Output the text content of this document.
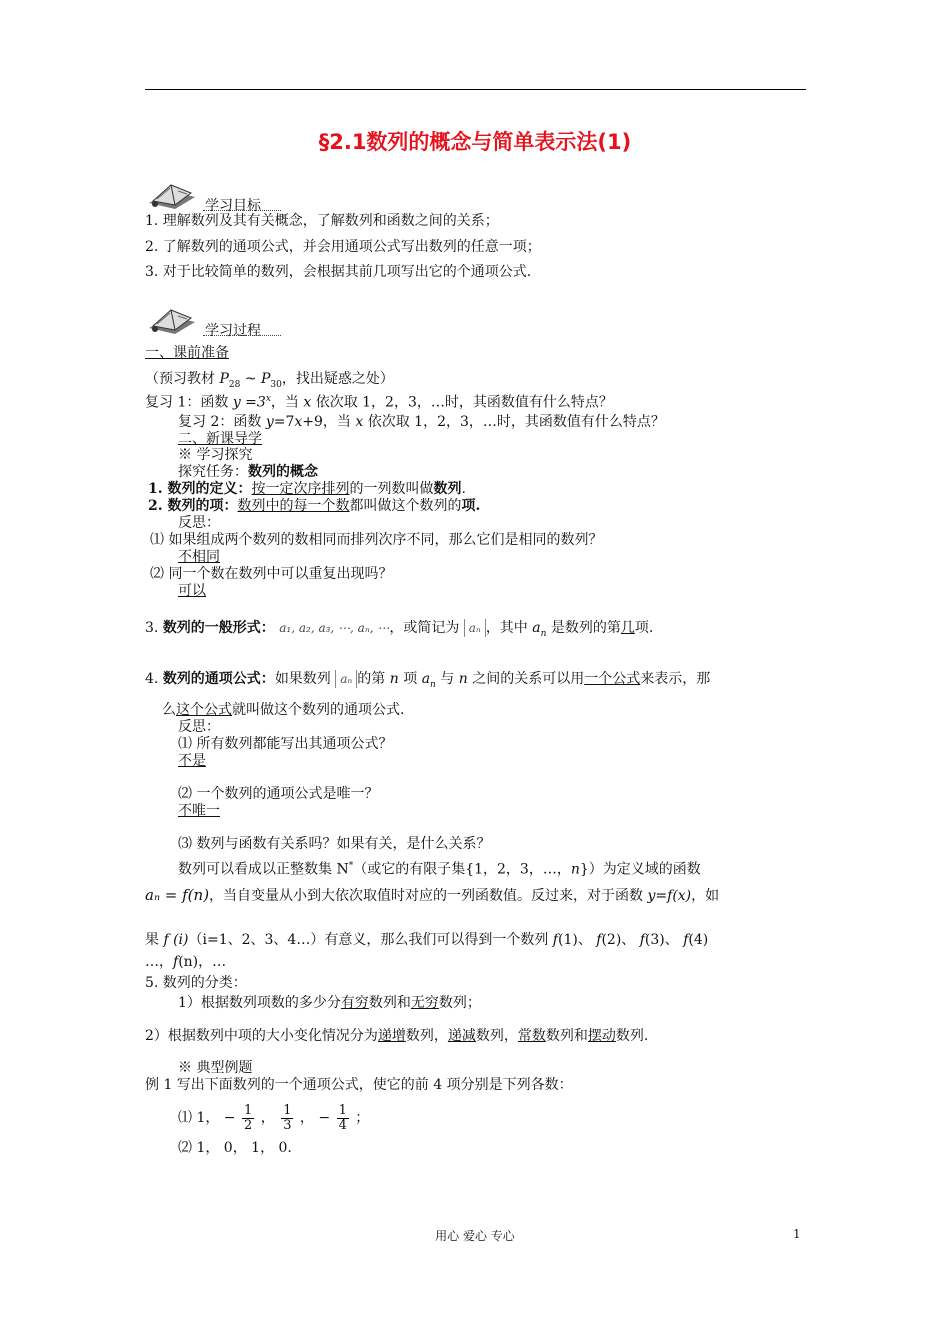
§2.1数列的概念与简单表示法(1)
学习目标
1. 理解数列及其有关概念，了解数列和函数之间的关系；
2. 了解数列的通项公式，并会用通项公式写出数列的任意一项；
3. 对于比较简单的数列，会根据其前几项写出它的个通项公式.
学习过程
一、课前准备
（预习教材 $P_{28}$ ~ $P_{30}$，找出疑惑之处）
复习 1：函数 $y =3^x$，当 x 依次取 1，2，3，…时，其函数值有什么特点？
复习 2：函数 y=7x+9，当 x 依次取 1，2，3，…时，其函数值有什么特点？
二、新课导学
※ 学习探究
探究任务：数列的概念
1. 数列的定义：按一定次序排列的一列数叫做数列.
2. 数列的项：数列中的每一个数都叫做这个数列的项.
反思：
⑴ 如果组成两个数列的数相同而排列次序不同，那么它们是相同的数列？
不相同
⑵ 同一个数在数列中可以重复出现吗？
可以
3. 数列的一般形式： a₁, a₂, a₃, ⋯, aₙ, ⋯，或简记为 aₙ ，其中 $a_n$ 是数列的第几项.
4. 数列的通项公式：如果数列 aₙ 的第 n 项 $a_n$ 与 n 之间的关系可以用一个公式来表示，那
么这个公式就叫做这个数列的通项公式.
反思：
⑴ 所有数列都能写出其通项公式？
不是
⑵ 一个数列的通项公式是唯一？
不唯一
⑶ 数列与函数有关系吗？如果有关，是什么关系？
数列可以看成以正整数集 N*（或它的有限子集{1，2，3，…，n}）为定义域的函数
aₙ = f(n)，当自变量从小到大依次取值时对应的一列函数值。反过来，对于函数 y=f(x)，如
果 f (i)（i=1、2、3、4…）有意义，那么我们可以得到一个数列 f(1)、 f(2)、 f(3)、 f(4)
…，f(n)，…
5. 数列的分类：
1）根据数列项数的多少分有穷数列和无穷数列；
2）根据数列中项的大小变化情况分为递增数列，递减数列，常数数列和摆动数列.
※ 典型例题
例 1 写出下面数列的一个通项公式，使它的前 4 项分别是下列各数：
⑴ 1， − $\frac{1}{2}$ ， $\frac{1}{3}$ ， − $\frac{1}{4}$ ；
⑵ 1， 0， 1， 0.
用心 爱心 专心	1
